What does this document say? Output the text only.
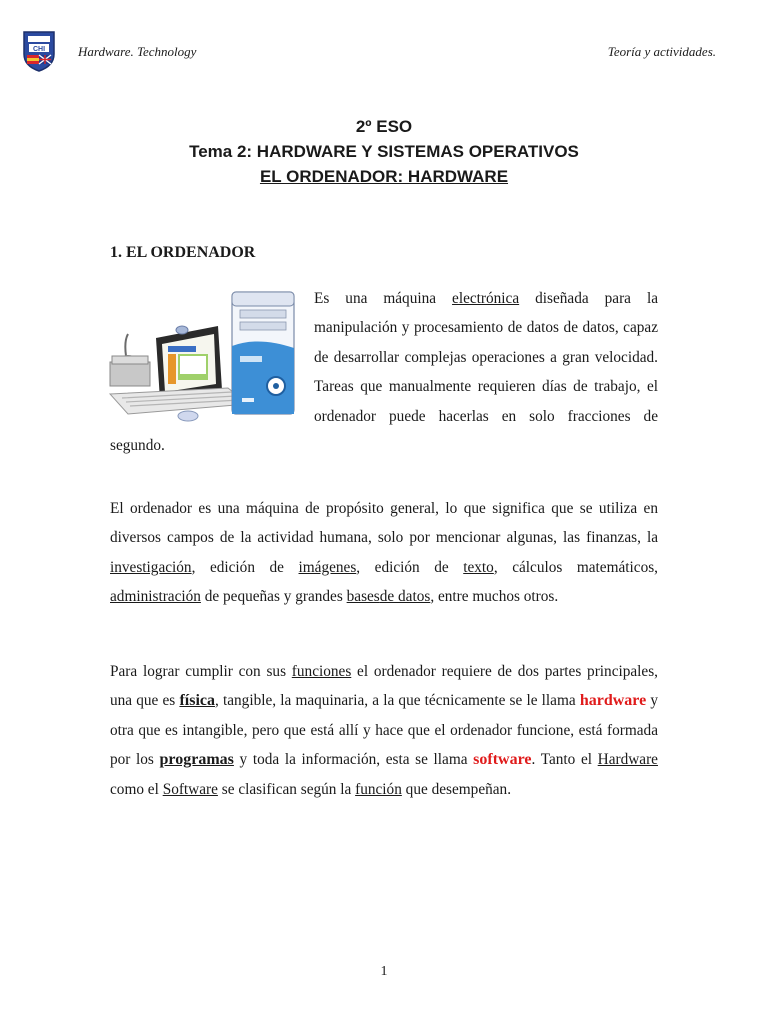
CHI	Hardware. Technology	Teoría y actividades.
2º ESO
Tema 2: HARDWARE Y SISTEMAS OPERATIVOS
EL ORDENADOR: HARDWARE
1. EL ORDENADOR
Es una máquina electrónica diseñada para la manipulación y procesamiento de datos de datos, capaz de desarrollar complejas operaciones a gran velocidad. Tareas que manualmente requieren días de trabajo, el ordenador puede hacerlas en solo fracciones de segundo.
El ordenador es una máquina de propósito general, lo que significa que se utiliza en diversos campos de la actividad humana, solo por mencionar algunas, las finanzas, la investigación, edición de imágenes, edición de texto, cálculos matemáticos, administración de pequeñas y grandes basesde datos, entre muchos otros.
Para lograr cumplir con sus funciones el ordenador requiere de dos partes principales, una que es física, tangible, la maquinaria, a la que técnicamente se le llama hardware y otra que es intangible, pero que está allí y hace que el ordenador funcione, está formada por los programas y toda la información, esta se llama software. Tanto el Hardware como el Software se clasifican según la función que desempeñan.
1
